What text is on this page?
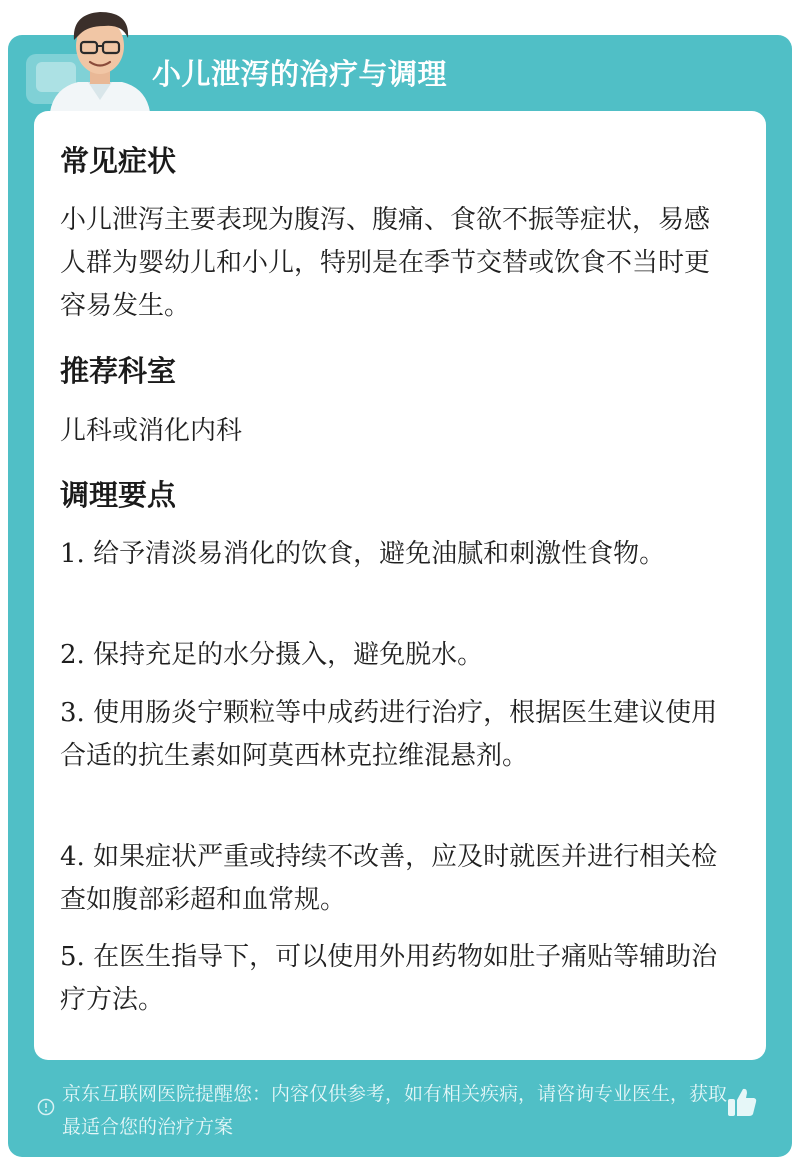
小儿泄泻的治疗与调理
常见症状
小儿泄泻主要表现为腹泻、腹痛、食欲不振等症状，易感人群为婴幼儿和小儿，特别是在季节交替或饮食不当时更容易发生。
推荐科室
儿科或消化内科
调理要点
1. 给予清淡易消化的饮食，避免油腻和刺激性食物。
2. 保持充足的水分摄入，避免脱水。
3. 使用肠炎宁颗粒等中成药进行治疗，根据医生建议使用合适的抗生素如阿莫西林克拉维混悬剂。
4. 如果症状严重或持续不改善，应及时就医并进行相关检查如腹部彩超和血常规。
5. 在医生指导下，可以使用外用药物如肚子痛贴等辅助治疗方法。
京东互联网医院提醒您：内容仅供参考，如有相关疾病，请咨询专业医生，获取最适合您的治疗方案
